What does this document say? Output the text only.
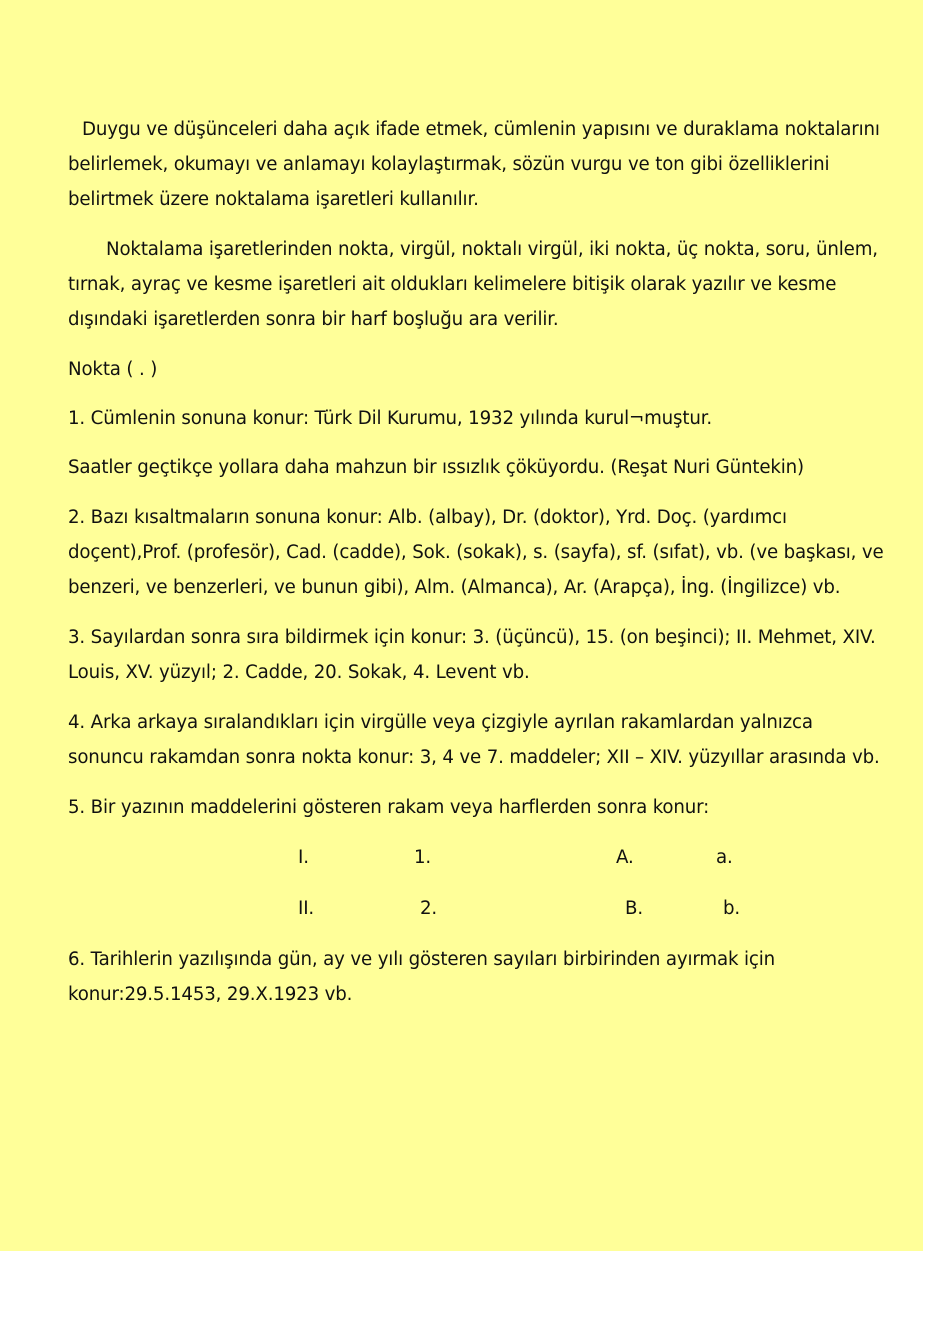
Duygu ve düşünceleri daha açık ifade etmek, cümlenin yapısını ve duraklama noktalarını belirlemek, okumayı ve anlamayı kolaylaştırmak, sözün vurgu ve ton gibi özelliklerini belirtmek üzere noktalama işaretleri kullanılır.

Noktalama işaretlerinden nokta, virgül, noktalı virgül, iki nokta, üç nokta, soru, ünlem, tırnak, ayraç ve kesme işaretleri ait oldukları kelimelere bitişik olarak yazılır ve kesme dışındaki işaretlerden sonra bir harf boşluğu ara verilir.

Nokta ( . )

1. Cümlenin sonuna konur: Türk Dil Kurumu, 1932 yılında kurul¬muştur.

Saatler geçtikçe yollara daha mahzun bir ıssızlık çöküyordu. (Reşat Nuri Güntekin)

2. Bazı kısaltmaların sonuna konur: Alb. (albay), Dr. (doktor), Yrd. Doç. (yardımcı doçent),Prof. (profesör), Cad. (cadde), Sok. (sokak), s. (sayfa), sf. (sıfat), vb. (ve başkası, ve benzeri, ve benzerleri, ve bunun gibi), Alm. (Almanca), Ar. (Arapça), İng. (İngilizce) vb.

3. Sayılardan sonra sıra bildirmek için konur: 3. (üçüncü), 15. (on beşinci); II. Mehmet, XIV. Louis, XV. yüzyıl; 2. Cadde, 20. Sokak, 4. Levent vb.

4. Arka arkaya sıralandıkları için virgülle veya çizgiyle ayrılan rakamlardan yalnızca sonuncu rakamdan sonra nokta konur: 3, 4 ve 7. maddeler; XII – XIV. yüzyıllar arasında vb.

5. Bir yazının maddelerini gösteren rakam veya harflerden sonra konur:

I.	1.	A.	a.
II.	2.	B.	b.

6. Tarihlerin yazılışında gün, ay ve yılı gösteren sayıları birbirinden ayırmak için konur:29.5.1453, 29.X.1923 vb.
